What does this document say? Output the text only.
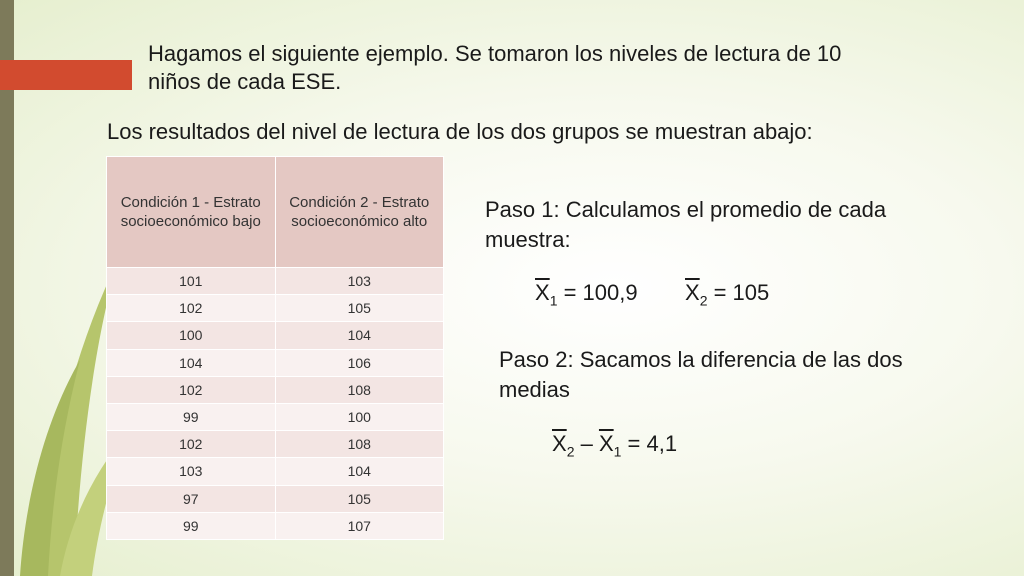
Hagamos el siguiente ejemplo. Se tomaron los niveles de lectura de 10 niños de cada ESE.

Los resultados del nivel de lectura de los dos grupos se muestran abajo:

Condición 1 - Estrato socioeconómico bajo	Condición 2 - Estrato socioeconómico alto
101	103
102	105
100	104
104	106
102	108
99	100
102	108
103	104
97	105
99	107

Paso 1: Calculamos el promedio de cada muestra:

$\overline{X}_1 = 100,9$ $\overline{X}_2 = 105$

Paso 2: Sacamos la diferencia de las dos medias

$\overline{X}_2 - \overline{X}_1 = 4,1$
